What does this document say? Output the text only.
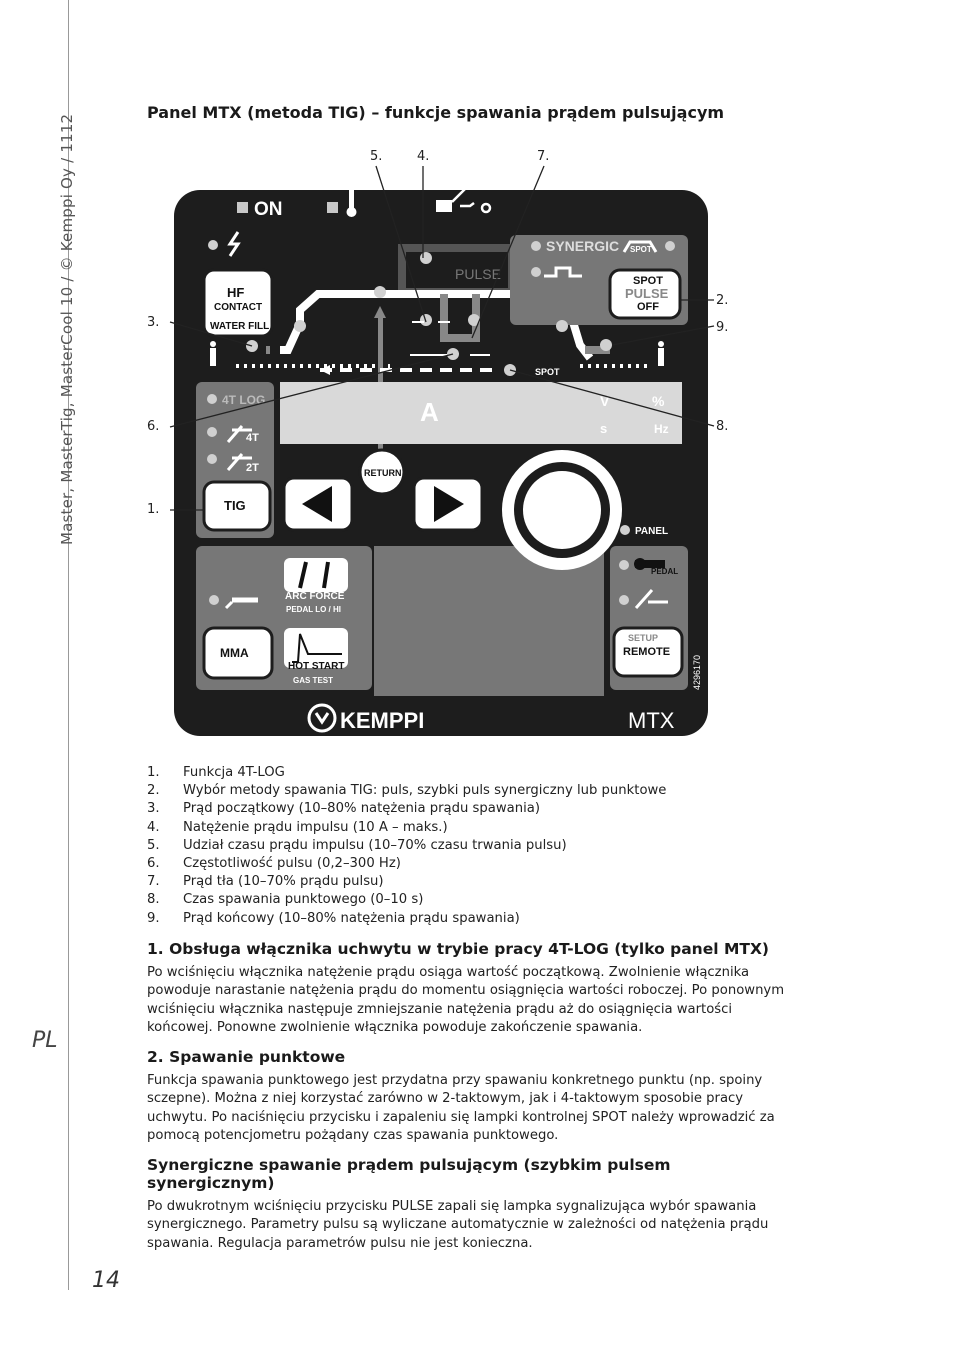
Master, MasterTig, MasterCool 10 / © Kemppi Oy / 1112
PL
14
Panel MTX (metoda TIG) – funkcje spawania prądem pulsującym
5.	4.	7.
2.
9.
3.
6.	8.
1.
ON
PULSE
SYNERGIC SPOT
SPOT
PULSE
OFF
HF
CONTACT
WATER FILL
SPOT
A	V	%
s	Hz
4T LOG
4T
2T
TIG
RETURN
PANEL
ARC FORCE
PEDAL LO / HI
MMA
HOT START
GAS TEST
PEDAL
SETUP
REMOTE
4296170
KEMPPI	MTX
1.	Funkcja 4T-LOG
2.	Wybór metody spawania TIG: puls, szybki puls synergiczny lub punktowe
3.	Prąd początkowy (10–80% natężenia prądu spawania)
4.	Natężenie prądu impulsu (10 A – maks.)
5.	Udział czasu prądu impulsu (10–70% czasu trwania pulsu)
6.	Częstotliwość pulsu (0,2–300 Hz)
7.	Prąd tła (10–70% prądu pulsu)
8.	Czas spawania punktowego (0–10 s)
9.	Prąd końcowy (10–80% natężenia prądu spawania)
1. Obsługa włącznika uchwytu w trybie pracy 4T-LOG (tylko panel MTX)

Po wciśnięciu włącznika natężenie prądu osiąga wartość początkową. Zwolnienie włącznika powoduje narastanie natężenia prądu do momentu osiągnięcia wartości roboczej. Po ponownym wciśnięciu włącznika następuje zmniejszanie natężenia prądu aż do osiągnięcia wartości końcowej. Ponowne zwolnienie włącznika powoduje zakończenie spawania.

2. Spawanie punktowe

Funkcja spawania punktowego jest przydatna przy spawaniu konkretnego punktu (np. spoiny sczepne). Można z niej korzystać zarówno w 2-taktowym, jak i 4-taktowym sposobie pracy uchwytu. Po naciśnięciu przycisku i zapaleniu się lampki kontrolnej SPOT należy wprowadzić za pomocą potencjometru pożądany czas spawania punktowego.

Synergiczne spawanie prądem pulsującym (szybkim pulsem synergicznym)

Po dwukrotnym wciśnięciu przycisku PULSE zapali się lampka sygnalizująca wybór spawania synergicznego. Parametry pulsu są wyliczane automatycznie w zależności od natężenia prądu spawania. Regulacja parametrów pulsu nie jest konieczna.
